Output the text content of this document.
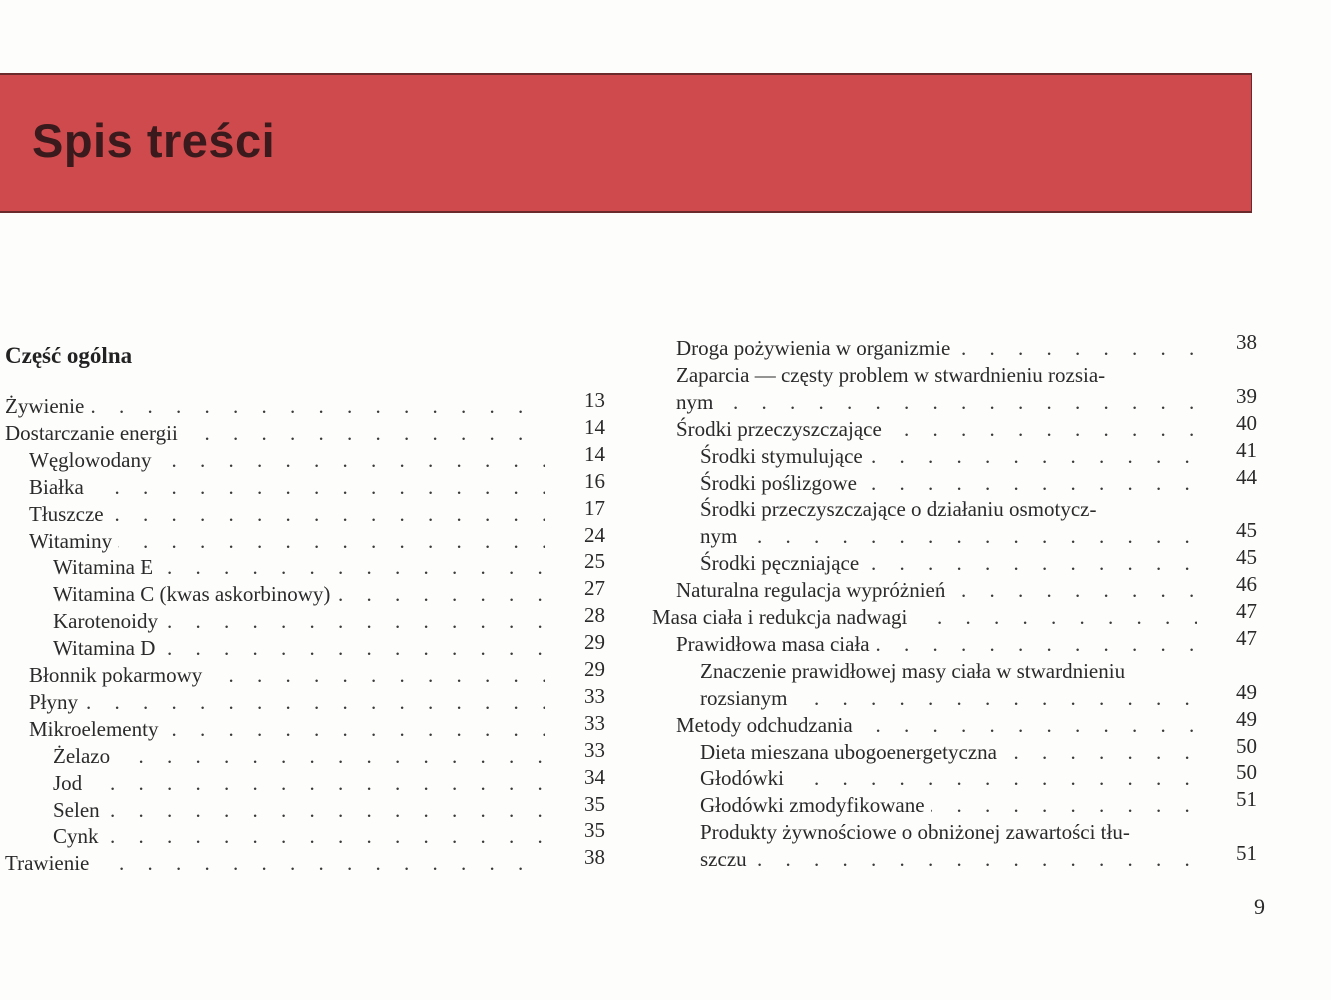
Spis treści
Część ogólna
. . .
Żywienie	13
. . .
Dostarczanie energii	14
. . .
Węglowodany	14
. . .
Białka	16
. . .
Tłuszcze	17
. . .
Witaminy	24
. . .
Witamina E	25
. . .
Witamina C (kwas askorbinowy)	27
. . .
Karotenoidy	28
. . .
Witamina D	29
. . .
Błonnik pokarmowy	29
. . .
Płyny	33
. . .
Mikroelementy	33
. . .
Żelazo	33
. . .
Jod	34
. . .
Selen	35
. . .
Cynk	35
. . .
Trawienie	38
. . .
Droga pożywienia w organizmie	38
Zaparcia — częsty problem w stwardnieniu rozsia-
. . .
nym	39
. . .
Środki przeczyszczające	40
. . .
Środki stymulujące	41
. . .
Środki poślizgowe	44
Środki przeczyszczające o działaniu osmotycz-
. . .
nym	45
. . .
Środki pęczniające	45
. . .
Naturalna regulacja wypróżnień	46
. . .
Masa ciała i redukcja nadwagi	47
. . .
Prawidłowa masa ciała	47
Znaczenie prawidłowej masy ciała w stwardnieniu
. . .
rozsianym	49
. . .
Metody odchudzania	49
. . .
Dieta mieszana ubogoenergetyczna	50
. . .
Głodówki	50
. . .
Głodówki zmodyfikowane	51
Produkty żywnościowe o obniżonej zawartości tłu-
. . .
szczu	51
9
